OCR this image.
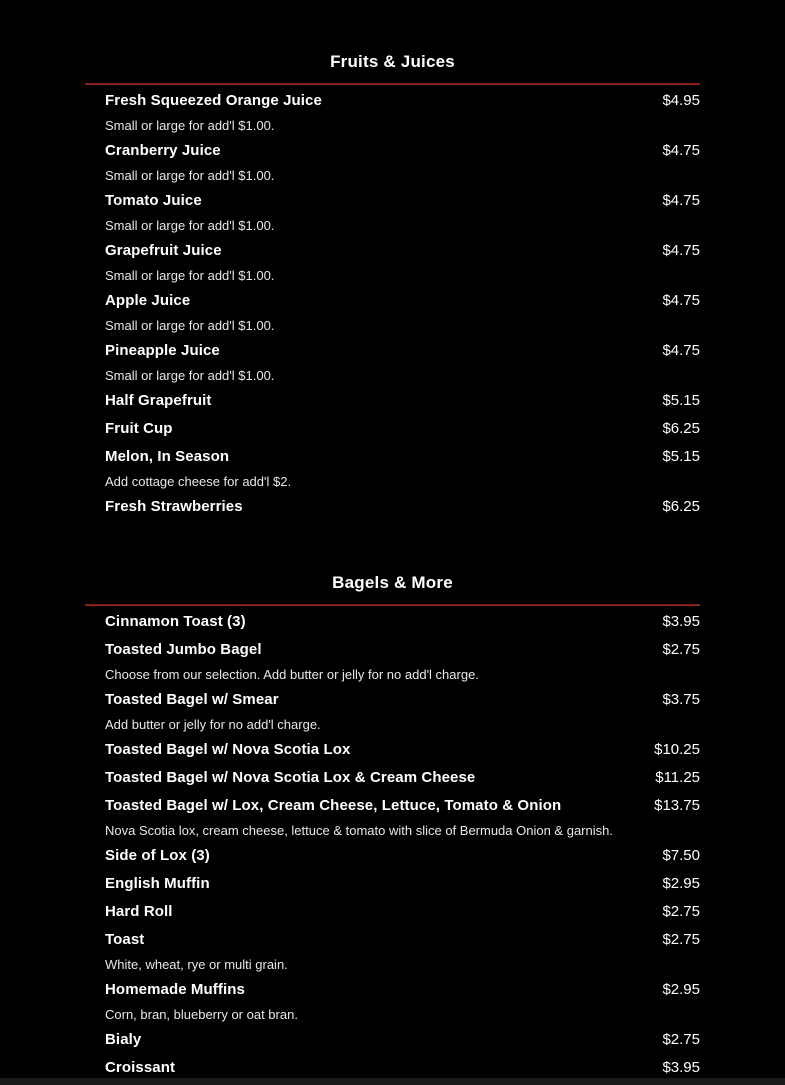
Fruits & Juices
Fresh Squeezed Orange Juice	$4.95
Small or large for add'l $1.00.
Cranberry Juice	$4.75
Small or large for add'l $1.00.
Tomato Juice	$4.75
Small or large for add'l $1.00.
Grapefruit Juice	$4.75
Small or large for add'l $1.00.
Apple Juice	$4.75
Small or large for add'l $1.00.
Pineapple Juice	$4.75
Small or large for add'l $1.00.
Half Grapefruit	$5.15
Fruit Cup	$6.25
Melon, In Season	$5.15
Add cottage cheese for add'l $2.
Fresh Strawberries	$6.25
Bagels & More
Cinnamon Toast (3)	$3.95
Toasted Jumbo Bagel	$2.75
Choose from our selection. Add butter or jelly for no add'l charge.
Toasted Bagel w/ Smear	$3.75
Add butter or jelly for no add'l charge.
Toasted Bagel w/ Nova Scotia Lox	$10.25
Toasted Bagel w/ Nova Scotia Lox & Cream Cheese	$11.25
Toasted Bagel w/ Lox, Cream Cheese, Lettuce, Tomato & Onion	$13.75
Nova Scotia lox, cream cheese, lettuce & tomato with slice of Bermuda Onion & garnish.
Side of Lox (3)	$7.50
English Muffin	$2.95
Hard Roll	$2.75
Toast	$2.75
White, wheat, rye or multi grain.
Homemade Muffins	$2.95
Corn, bran, blueberry or oat bran.
Bialy	$2.75
Croissant	$3.95
